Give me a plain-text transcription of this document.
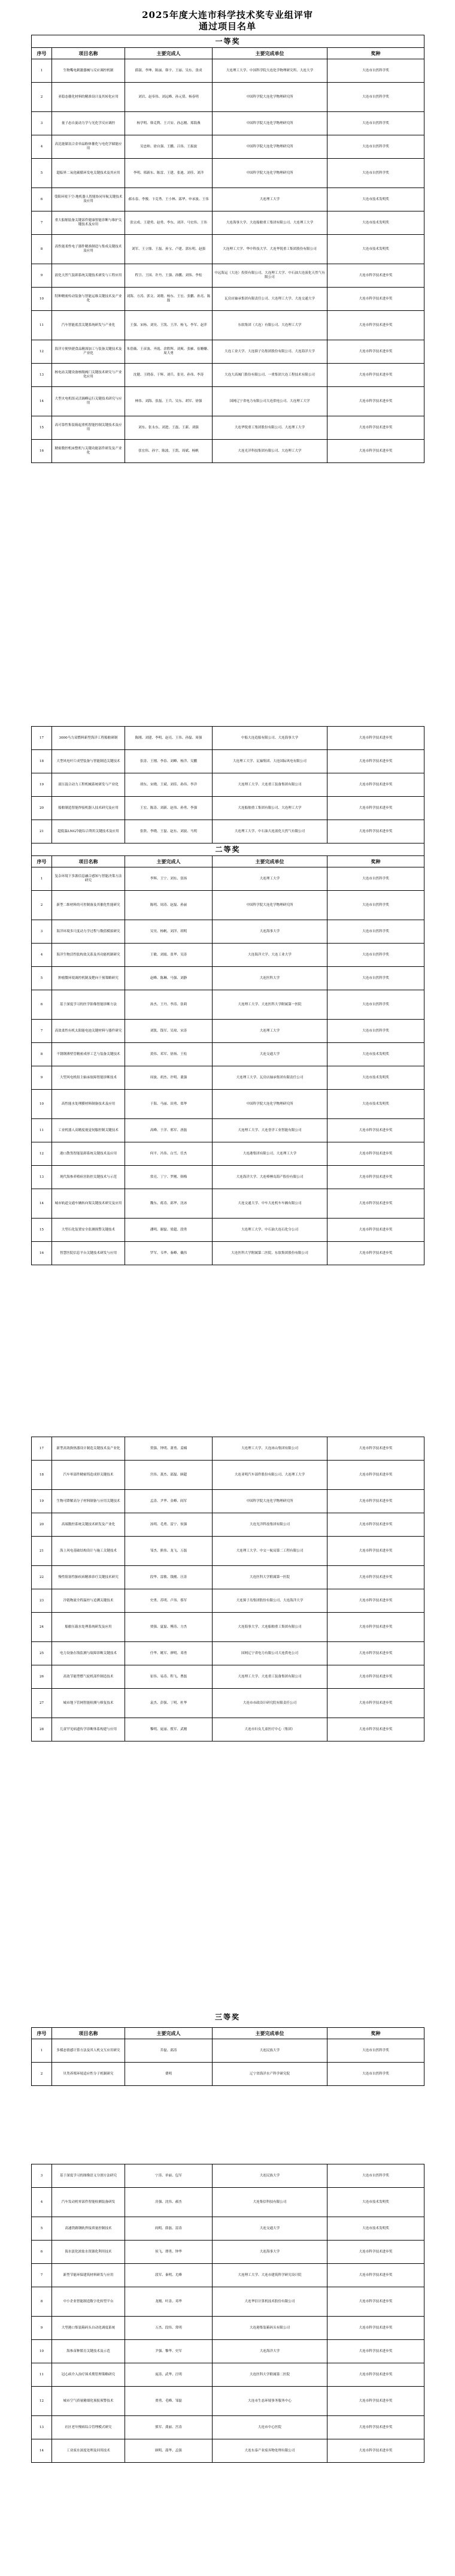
2025年度大连市科学技术奖专业组评审
通过项目名单
一等奖				
序号	项目名称	主要完成人	主要完成单位	奖种
1	生物嘴电刺激器械与反应调控机制	薛淑、李坤、陈丽、韩宇、王丽、吴东、张成	大连理工大学、中国科学院大连化学物理研究所、大连大学	大连市自然科学奖
2	亚稳态催化材料的精准设计及其转化应用	刘岩、赵奉伟、刘远峰、孙元倩、杨春明	中国科学院大连化学物理研究所	大连市自然科学奖
3	量子态自旋动力学与光化学反应调控	杨学明、韩克利、王兴安、孙志刚、郑海燕	中国科学院大连化学物理研究所	大连市自然科学奖
4	高比能储氢合金单晶粉体催化与电化学储能应用	吴忠帅、徐自强、王鹏、吕伟、王振波	中国科学院大连化学物理研究所	大连市自然科学奖
5	超临界二氧化碳循环发电关键技术及其应用	李明、邢新东、陈雷、王建、张迪、刘佳、刘洋	中国科学院大连化学物理研究所	大连市自然科学奖
6	受限环境下空-地机器人智能协同导航关键技术及应用	郝永春、李俊、卞克秀、王小林、邵华、申承波、王伟	大连理工大学	大连市技术发明奖
7	重大船舶装备关键部件健康智能诊断与维护关键技术及应用	张宗成、王建勇、赵勇、李东、刘洋、马宏伟、王伟	大连海事大学、大连船舶重工集团有限公司、大连理工大学	大连市技术发明奖
8	高性能柔性电子器件精准制造与集成关键技术及应用	刘军、王立鼎、王磊、孙宝、卢建、郭东明、赵强	大连理工大学、华中科技大学、大连华锐重工集团股份有限公司	大连市技术发明奖
9	液化天然气装卸系统关键技术研发与工程应用	程卫、王国、许丹、王强、孙鹏、刘伟、李松	中远海运（大连）投资有限公司、大连理工大学、中石油大连液化天然气有限公司	大连市科学技术进步奖
10	特种精密传动装备与智能运维关键技术及产业化	刘海、方涛、郭文、刘晓、杨东、王宏、张鹏、孙亮、陈磊	瓦房店轴承集团有限责任公司、大连理工大学、大连交通大学	大连市科学技术进步奖
11	汽车智能底盘关键系统研发与产业化	王强、宋杨、刘昊、王凯、王洋、杨飞、李军、赵萍	东软集团（大连）有限公司、大连理工大学	大连市科学技术进步奖
12	海洋方便快捷食品精深加工与装备关键技术及产业化	朱蓓薇、王彦波、齐霞、余胜辉、刘爽、张雁、崔姗姗、周大勇	大连工业大学、大连獐子岛集团股份有限公司、大连海洋大学	大连市科学技术进步奖
13	核电站关键设备核级阀门关键技术研究与产业化应用	沈健、王晓春、于辉、刘兵、张昊、孙伟、李涛	大连大高阀门股份有限公司、一重集团大连工程技术有限公司	大连市科学技术进步奖
14	大型火电机组灵活调峰运行关键技术研究与应用	林伟、刘海、张磊、王兵、吴东、胡军、徐强	国网辽宁省电力有限公司大连供电公司、大连理工大学	大连市科学技术进步奖
15	高可靠性集装箱起重机智能控制关键技术及应用	刘东、张永东、刘进、王磊、王新、刘强	大连华锐重工集团股份有限公司、大连理工大学	大连市科学技术进步奖
16	精密数控机床整机与关键功能部件研发及产业化	张宏伟、孙宇、陈波、王凯、周斌、杨帆	大连光洋科技集团有限公司、大连理工大学	大连市科学技术进步奖
17	3000马力双燃料新型海洋工程船舶研制	陈刚、刘建、李明、赵亮、王伟、孙磊、周强	中船大连造船有限公司、大连海事大学	大连市科学技术进步奖
18	大型风电叶片成型装备与智能制造关键技术	张涛、王刚、李春、刘峰、杨洋、吴鹏	大连理工大学、瓦轴集团、大连国际风电有限公司	大连市科学技术进步奖
19	液压混合动力工程机械系统研发与产业化	胡东、宋晓、王斌、刘佳、孙伟、李洋	大连理工大学、大连重工装备集团有限公司	大连市科学技术进步奖
20	船舶制造智能焊接机器人技术研究及应用	王宏、陈涛、刘新、赵伟、孙勇、李强	大连船舶重工集团有限公司、大连理工大学	大连市科学技术进步奖
21	超低温LNG冷能综合利用关键技术及应用	张欣、李晓、王磊、赵东、刘波、马明	大连理工大学、中石油大连液化天然气有限公司	大连市科学技术进步奖
二等奖				
序号	项目名称	主要完成人	主要完成单位	奖种
1	复杂环境下多源信息融合感知与智能决策方法研究	李辉、王宁、刘东、张扬	大连理工大学	大连市自然科学奖
2	新型二维材料的可控制备及其催化性能研究	陈明、周涛、赵磊、孙丽	中国科学院大连化学物理研究所	大连市自然科学奖
3	海洋环境多尺度动力学过程与数值模拟研究	吴昊、杨帆、刘洋、胡明	大连海事大学	大连市自然科学奖
4	海洋生物活性肽构效关系及其功能机制研究	王敏、刘霞、张华、吴涛	大连海洋大学、大连工业大学	大连市自然科学奖
5	肿瘤微环境调控机制及靶向干预策略研究	赵峰、陈琳、马强、刘静	大连医科大学	大连市自然科学奖
6	基于深度学习的医学影像智能诊断方法	孙杰、王丹、李涛、张莉	大连理工大学、大连医科大学附属第一医院	大连市自然科学奖
7	高效柔性有机太阳能电池关键材料与器件研究	刘凯、钱军、吴琼、宋涛	大连理工大学	大连市自然科学奖
8	不锈钢薄壁管精密成形工艺与装备关键技术	黄伟、邓军、徐扬、王松	大连交通大学	大连市技术发明奖
9	大型风电机组主轴承故障智能诊断技术	周波、胡杰、许明、董强	大连理工大学、瓦房店轴承集团有限责任公司	大连市技术发明奖
10	高性能水处理膜材料制备技术及应用	于海、马丽、田勇、郑华	中国科学院大连化学物理研究所	大连市技术发明奖
11	工业机器人高精度视觉伺服控制关键技术	高峰、于洋、邢军、唐磊	大连理工大学、大连誉洋工业智能有限公司	大连市科学技术进步奖
12	港口散货智能装卸系统关键技术及应用	何平、冯伟、白雪、任杰	大连港集团有限公司、大连理工大学	大连市科学技术进步奖
13	现代海参养殖病害防控关键技术与示范	常亮、丁宁、罗刚、韩梅	大连海洋大学、大连棒棰岛海产股份有限公司	大连市科学技术进步奖
14	城市轨道交通车辆转向架关键技术研究及应用	魏东、蒋涛、邱华、沈冰	大连交通大学、中车大连机车车辆有限公司	大连市科学技术进步奖
15	大型石化装置安全监测预警关键技术	潘明、谢磊、梁超、段勇	大连理工大学、中石油大连石化分公司	大连市科学技术进步奖
16	智慧医院信息平台关键技术研发与应用	罗军、韦华、秦峰、戴伟	大连医科大学附属第二医院、东软集团股份有限公司	大连市科学技术进步奖
17	新型高效换热器设计制造关键技术及产业化	贺强、钟明、萧勇、姜楠	大连理工大学、大连冰山集团有限公司	大连市科学技术进步奖
18	汽车零部件精密铸造成形关键技术	宫伟、龚杰、邵磊、顾超	大连亚明汽车部件股份有限公司、大连理工大学	大连市科学技术进步奖
19	生物可降解高分子材料制备与应用关键技术	孟涛、尹华、金峰、阎军	中国科学院大连化学物理研究所	大连市科学技术进步奖
20	高端数控系统关键技术研发及产业化	汤明、毛勇、雷宁、侯强	大连光洋科技集团有限公司	大连市科学技术进步奖
21	海上风电基础结构设计与施工关键技术	邹杰、熊伟、龙飞、万磊	大连理工大学、中交一航局第二工程有限公司	大连市科学技术进步奖
22	慢性阻塞性肺疾病精准诊疗关键技术研究	段华、雷敏、钱刚、汪涛	大连医科大学附属第一医院	大连市科学技术进步奖
23	冷链物流全程温控与追溯关键技术	史勇、苏明、卢伟、蔡军	大连獐子岛集团股份有限公司、大连海洋大学	大连市科学技术进步奖
24	船舶压载水处理系统研发及应用	贾强、夏磊、傅涛、方杰	大连海事大学、大连船舶重工集团有限公司	大连市科学技术进步奖
25	电力设备在线监测与故障诊断关键技术	任华、姚军、廖明、邓勇	国网辽宁省电力有限公司大连供电公司	大连市科学技术进步奖
26	高效节能型燃气轮机部件制造技术	崔伟、易涛、程飞、曹磊	大连理工大学、大连重工装备集团有限公司	大连市科学技术进步奖
27	城市地下管网智能检测与修复技术	袁杰、彭强、丁明、杜华	大连市市政设计研究院有限责任公司	大连市科学技术进步奖
28	儿童罕见病遗传学诊断体系构建与应用	黎明、庞丽、殷军、武刚	大连市妇女儿童医疗中心（集团）	大连市科学技术进步奖
三等奖
序号	项目名称	主要完成人	主要完成单位	奖种
1	多模态情感计算方法及其人机交互应用研究	乔磊、邱涛	大连民族大学	大连市自然科学奖
2	贝类养殖环境适应性分子机制研究	费明	辽宁省海洋水产科学研究院	大连市自然科学奖
3	基于深度学习的图像语义分割方法研究	宁涛、单丽、包军	大连民族大学	大连市自然科学奖
4	汽车发动机零部件智能检测装备研发	房强、沈伟、郝杰	大连集信科技有限公司	大连市技术发明奖
5	高速铁路钢轨焊接质量控制技术	阎明、薛磊、雷涛	大连交通大学	大连市技术发明奖
6	海水淡化浓盐水资源化利用技术	侯飞、谭勇、钟华	大连海事大学	大连市科学技术进步奖
7	新型节能环保建筑材料研发与应用	段军、秦明、尤峰	大连理工大学、大连市建筑科学研究设计院	大连市科学技术进步奖
8	中小企业智能制造数字化转型平台	龙刚、叶涛、邓华	大连华信计算机技术股份有限公司	大连市科学技术进步奖
9	大型港口集装箱码头自动化调度系统	万杰、段伟、常明	大连港集装箱码头有限公司	大连市科学技术进步奖
10	海参苗种繁育关键技术及示范	尹强、黎华、史军	大连海洋大学	大连市科学技术进步奖
11	冠心病介入治疗围术期管理策略研究	庞涛、武华、汪明	大连医科大学附属第二医院	大连市科学技术进步奖
12	城市空气质量精细化预报预警技术	贾勇、毛峰、邹磊	大连市生态环境事务服务中心	大连市科学技术进步奖
13	社区老年慢病综合管理模式研究	熊军、龚丽、宫涛	大连市中心医院	大连市科学技术进步奖
14	工业废水深度处理及回用技术	顾明、邵华、孟强	大连东泰产业废弃物处理有限公司	大连市科学技术进步奖
